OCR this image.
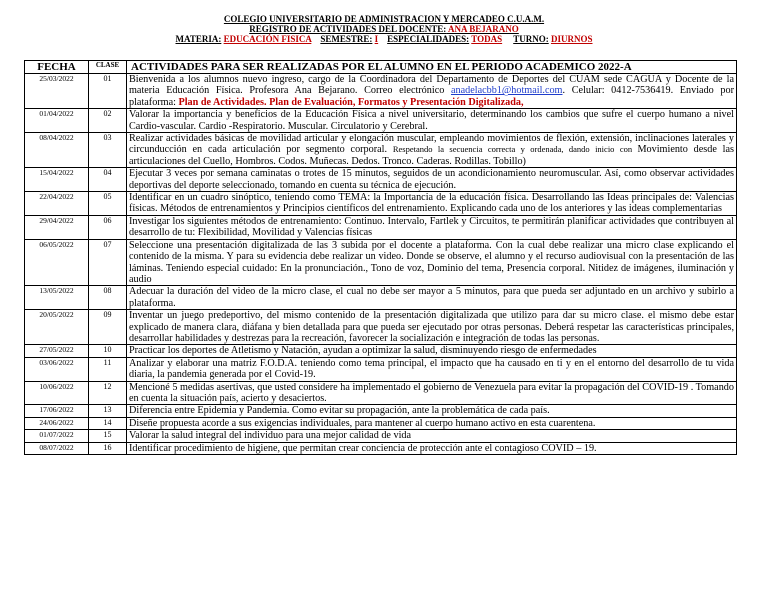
COLEGIO UNIVERSITARIO DE ADMINISTRACION Y MERCADEO C.U.A.M.
REGISTRO DE ACTIVIDADES DEL DOCENTE: ANA BEJARANO
MATERIA: EDUCACIÓN FISICA SEMESTRE: I ESPECIALIDADES: TODAS TURNO: DIURNOS
FECHA	CLASE	ACTIVIDADES PARA SER REALIZADAS POR EL ALUMNO EN EL PERIODO ACADEMICO 2022-A
25/03/2022	01	Bienvenida a los alumnos nuevo ingreso, cargo de la Coordinadora del Departamento de Deportes del CUAM sede CAGUA y Docente de la materia Educación Física. Profesora Ana Bejarano. Correo electrónico anadelacbb1@hotmail.com. Celular: 0412-7536419. Enviado por plataforma: Plan de Actividades. Plan de Evaluación, Formatos y Presentación Digitalizada,
01/04/2022	02	Valorar la importancia y beneficios de la Educación Física a nivel universitario, determinando los cambios que sufre el cuerpo humano a nivel Cardio-vascular. Cardio -Respiratorio. Muscular. Circulatorio y Cerebral.
08/04/2022	03	Realizar actividades básicas de movilidad articular y elongación muscular, empleando movimientos de flexión, extensión, inclinaciones laterales y circunducción en cada articulación por segmento corporal. Respetando la secuencia correcta y ordenada, dando inicio con Movimiento desde las articulaciones del Cuello, Hombros. Codos. Muñecas. Dedos. Tronco. Caderas. Rodillas. Tobillo)
15/04/2022	04	Ejecutar 3 veces por semana caminatas o trotes de 15 minutos, seguidos de un acondicionamiento neuromuscular. Así, como observar actividades deportivas del deporte seleccionado, tomando en cuenta su técnica de ejecución.
22/04/2022	05	Identificar en un cuadro sinóptico, teniendo como TEMA: la Importancia de la educación física. Desarrollando las Ideas principales de: Valencias físicas. Métodos de entrenamientos y Principios científicos del entrenamiento. Explicando cada uno de los anteriores y las ideas complementarias
29/04/2022	06	Investigar los siguientes métodos de entrenamiento: Continuo. Intervalo, Fartlek y Circuitos, te permitirán planificar actividades que contribuyen al desarrollo de tu: Flexibilidad, Movilidad y Valencias físicas
06/05/2022	07	Seleccione una presentación digitalizada de las 3 subida por el docente a plataforma. Con la cual debe realizar una micro clase explicando el contenido de la misma. Y para su evidencia debe realizar un video. Donde se observe, el alumno y el recurso audiovisual con la presentación de las láminas. Teniendo especial cuidado: En la pronunciación., Tono de voz, Dominio del tema, Presencia corporal. Nitidez de imágenes, iluminación y audio
13/05/2022	08	Adecuar la duración del video de la micro clase, el cual no debe ser mayor a 5 minutos, para que pueda ser adjuntado en un archivo y subirlo a plataforma.
20/05/2022	09	Inventar un juego predeportivo, del mismo contenido de la presentación digitalizada que utilizo para dar su micro clase. el mismo debe estar explicado de manera clara, diáfana y bien detallada para que pueda ser ejecutado por otras personas. Deberá respetar las características principales, desarrollar habilidades y destrezas para la recreación, favorecer la socialización e integración de todas las personas.
27/05/2022	10	Practicar los deportes de Atletismo y Natación, ayudan a optimizar la salud, disminuyendo riesgo de enfermedades
03/06/2022	11	Analizar y elaborar una matriz F.O.D.A. teniendo como tema principal, el impacto que ha causado en ti y en el entorno del desarrollo de tu vida diaria, la pandemia generada por el Covid-19.
10/06/2022	12	Mencioné 5 medidas asertivas, que usted considere ha implementado el gobierno de Venezuela para evitar la propagación del COVID-19 . Tomando en cuenta la situación país, acierto y desaciertos.
17/06/2022	13	Diferencia entre Epidemia y Pandemia. Como evitar su propagación, ante la problemática de cada país.
24/06/2022	14	Diseñe propuesta acorde a sus exigencias individuales, para mantener al cuerpo humano activo en esta cuarentena.
01/07/2022	15	Valorar la salud integral del individuo para una mejor calidad de vida
08/07/2022	16	Identificar procedimiento de higiene, que permitan crear conciencia de protección ante el contagioso COVID – 19.
